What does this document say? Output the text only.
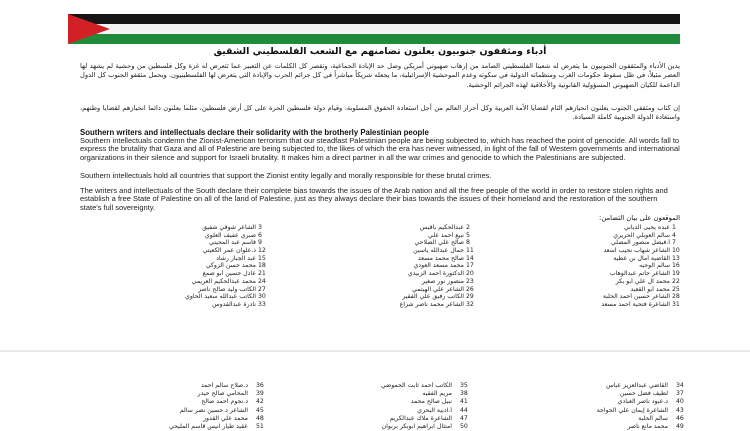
أدباء ومثقفون جنوبيون يعلنون تضامنهم مع الشعب الفلسطيني الشقيق

يدين الأدباء والمثقفون الجنوبيون ما يتعرض له شعبنا الفلسطيني الصامد من إرهاب صهيوني أمريكي وصل حد الإبادة الجماعية، وتقصر كل الكلمات عن التعبير عما تتعرض له غزة وكل فلسطين من وحشية لم يشهد لها العصر مثيلاً، في ظل سقوط حكومات الغرب ومنظماته الدولية في سكوته وعدم الموحشية الإسرائيلية، ما يجعله شريكاً مباشراً في كل جرائم الحرب والإبادة التي يتعرض لها الفلسطينيون. ويحمل مثقفو الجنوب كل الدول الداعمة للكيان الصهيوني المسؤولية القانونية والأخلاقية لهذه الجرائم الوحشية.

إن كتاب ومثقفي الجنوب يعلنون انحيازهم التام لقضايا الأمة العربية وكل أحرار العالم من أجل استعادة الحقوق المسلوبة، وقيام دولة فلسطين الحرة على كل أرض فلسطين، مثلما يعلنون دائما انحيازهم لقضايا وطنهم، واستعادة الدولة الجنوبية كاملة السيادة.

Southern writers and intellectuals declare their solidarity with the brotherly Palestinian people

Southern intellectuals condemn the Zionist-American terrorism that our steadfast Palestinian people are being subjected to, which has reached the point of genocide. All words fall to express the brutality that Gaza and all of Palestine are being subjected to, the likes of which the era has never witnessed, in light of the fall of Western governments and international organizations in their silence and support for Israeli brutality. It makes him a direct partner in all the war crimes and genocide to which the Palestinians are subjected.

Southern intellectuals hold all countries that support the Zionist entity legally and morally responsible for these brutal crimes.

The writers and intellectuals of the South declare their complete bias towards the issues of the Arab nation and all the free people of the world in order to restore stolen rights and establish a free State of Palestine on all of the land of Palestine, just as they always declare their bias towards the issues of their homeland and the restoration of the southern state's full sovereignty.

الموقعون على بيان التضامن:

عبده يحيى الدباني 1
عبدالحكيم باقيس 2
الشاعر شوقي شفيق 3
سالم العوبلي الحريري 4
نبيع أحمد علي 5
صبري عفيف العلوي 6
أ.فيصل منصور المصلي 7
صالح علي الصلاحي 8
قاسم عبد المحيتي 9
الشاعر شهاب نجيب أسعد 10
جمال عبدالله ياسين 11
ذ.علوان عمر الكعيتي 12
القاضية أمال بن عطية 13
صالح محمد مسعد 14
عبد الجبار رشاد 15
سالم الوجيه 16
محمد مسعد العودي 17
محمد حسن الزوكي 18
الشاعر حاتم عبدالوهاب 19
الدكتورة أحمد الزبيدي 20
عادل حسين أبو صمع 21
محمد آل علي أبو بكر 22
منصور نور صغير 23
محمد عبدالحكيم العريمي 24
محمد أبو القعيد 25
الشاعر علي الهيثمي 26
الكاتب وليد صالح ناصر 27
الشاعر حسين أحمد الحلبة 28
الكاتب رفيق علي الفقير 29
الكاتب عبدالله سعيد الحاوي 30
الشاعرة فتحية أحمد مسعد 31
الشاعر محمد ناصر شراع 32
نادرة عبدالقدوس 33
القاضي عبدالعزيز عباس 34
الكاتب أحمد ثابت الحموضي 35
د.صلاح سالم احمد 36
لطيف فضل حسين 37
مريم الفقيه 38
المحامي صالح حيدر 39
د.عبود ناصر العبادي 40
نبيل صالح محمد 41
د.نجوم احمد صالح 42
الشاعرة إيمان علي الحواجة 43
أ.ادبية البحري 44
الشاعر د.حسين نصر سالم 45
سالم الحلبة 46
الشاعرة ملاك عبدالكريم 47
محمد علي القدور 48
محمد مانع ناصر 49
امتثال ابراهيم ابوبكر بربوان 50
عقيد طيار انيس قاسم المليحي 51
